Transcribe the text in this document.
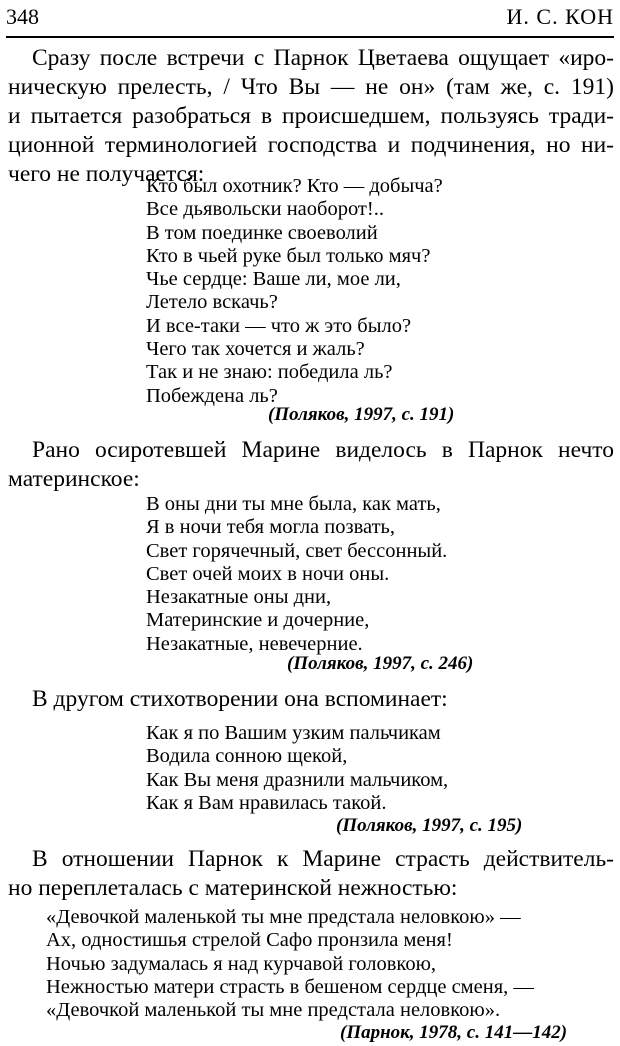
348	И. С. КОН
Сразу после встречи с Парнок Цветаева ощущает «иро-
ническую прелесть, / Что Вы — не он» (там же, с. 191)
и пытается разобраться в происшедшем, пользуясь тради-
ционной терминологией господства и подчинения, но ни-
чего не получается:
Кто был охотник? Кто — добыча?
Все дьявольски наоборот!..
В том поединке своеволий
Кто в чьей руке был только мяч?
Чье сердце: Ваше ли, мое ли,
Летело вскачь?
И все-таки — что ж это было?
Чего так хочется и жаль?
Так и не знаю: победила ль?
Побеждена ль?
(Поляков, 1997, с. 191)
Рано осиротевшей Марине виделось в Парнок нечто
материнское:
В оны дни ты мне была, как мать,
Я в ночи тебя могла позвать,
Свет горячечный, свет бессонный.
Свет очей моих в ночи оны.
Незакатные оны дни,
Материнские и дочерние,
Незакатные, невечерние.
(Поляков, 1997, с. 246)
В другом стихотворении она вспоминает:
Как я по Вашим узким пальчикам
Водила сонною щекой,
Как Вы меня дразнили мальчиком,
Как я Вам нравилась такой.
(Поляков, 1997, с. 195)
В отношении Парнок к Марине страсть действитель-
но переплеталась с материнской нежностью:
«Девочкой маленькой ты мне предстала неловкою» —
Ах, одностишья стрелой Сафо пронзила меня!
Ночью задумалась я над курчавой головкою,
Нежностью матери страсть в бешеном сердце сменя, —
«Девочкой маленькой ты мне предстала неловкою».
(Парнок, 1978, с. 141—142)
